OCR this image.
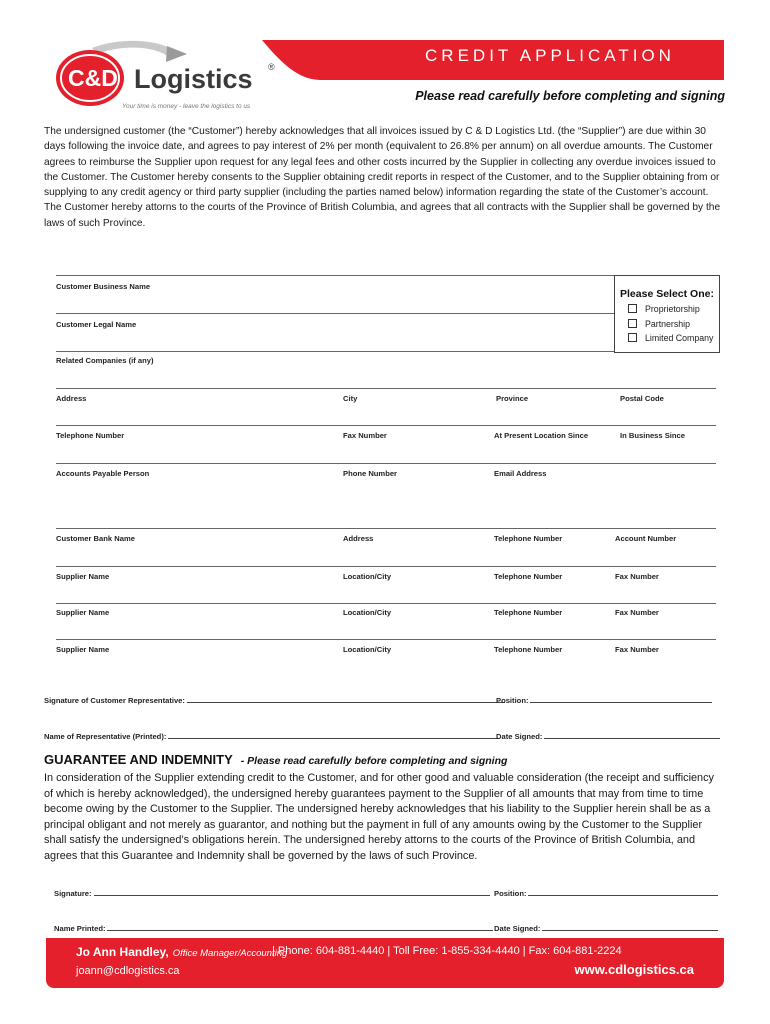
C&D Logistics ®
Your time is money - leave the logistics to us
CREDIT APPLICATION
Please read carefully before completing and signing

The undersigned customer (the “Customer”) hereby acknowledges that all invoices issued by C & D Logistics Ltd. (the “Supplier”) are due within 30 days following the invoice date, and agrees to pay interest of 2% per month (equivalent to 26.8% per annum) on all overdue amounts. The Customer agrees to reimburse the Supplier upon request for any legal fees and other costs incurred by the Supplier in collecting any overdue invoices issued to the Customer. The Customer hereby consents to the Supplier obtaining credit reports in respect of the Customer, and to the Supplier obtaining from or supplying to any credit agency or third party supplier (including the parties named below) information regarding the state of the Customer’s account. The Customer hereby attorns to the courts of the Province of British Columbia, and agrees that all contracts with the Supplier shall be governed by the laws of such Province.

Customer Business Name
Customer Legal Name
Related Companies (if any)
Please Select One:
Proprietorship
Partnership
Limited Company
Address	City	Province	Postal Code
Telephone Number	Fax Number	At Present Location Since	In Business Since
Accounts Payable Person	Phone Number	Email Address
Customer Bank Name	Address	Telephone Number	Account Number
Supplier Name	Location/City	Telephone Number	Fax Number
Supplier Name	Location/City	Telephone Number	Fax Number
Supplier Name	Location/City	Telephone Number	Fax Number
Signature of Customer Representative:	Position:
Name of Representative (Printed):	Date Signed:
GUARANTEE AND INDEMNITY - Please read carefully before completing and signing

In consideration of the Supplier extending credit to the Customer, and for other good and valuable consideration (the receipt and sufficiency of which is hereby acknowledged), the undersigned hereby guarantees payment to the Supplier of all amounts that may from time to time become owing by the Customer to the Supplier. The undersigned hereby acknowledges that his liability to the Supplier herein shall be as a principal obligant and not merely as guarantor, and nothing but the payment in full of any amounts owing by the Customer to the Supplier shall satisfy the undersigned’s obligations herein. The undersigned hereby attorns to the courts of the Province of British Columbia, and agrees that this Guarantee and Indemnity shall be governed by the laws of such Province.

Signature:	Position:
Name Printed:	Date Signed:
Jo Ann Handley, Office Manager/Accounting
joann@cdlogistics.ca
| Phone: 604-881-4440 | Toll Free: 1-855-334-4440 | Fax: 604-881-2224
www.cdlogistics.ca
